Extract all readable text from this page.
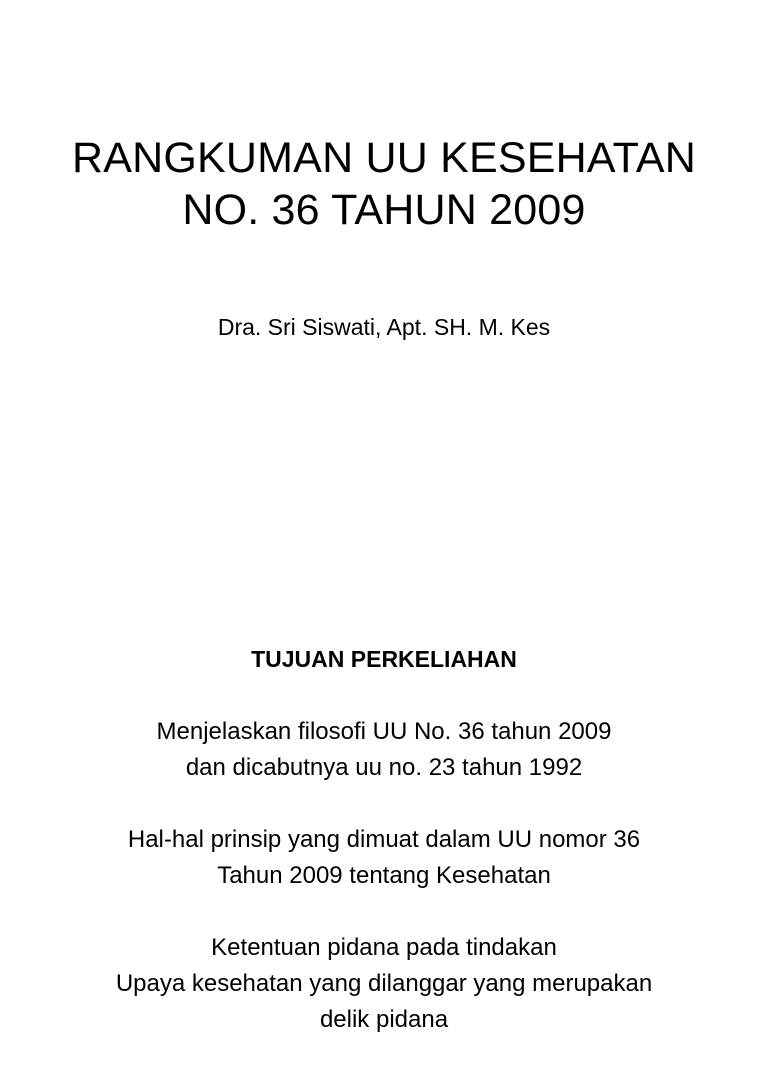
RANGKUMAN UU KESEHATAN
NO. 36 TAHUN 2009
Dra. Sri Siswati, Apt. SH. M. Kes
TUJUAN PERKELIAHAN
Menjelaskan filosofi UU No. 36 tahun 2009
dan dicabutnya uu no. 23 tahun 1992
Hal-hal prinsip yang dimuat dalam UU nomor 36
Tahun 2009 tentang Kesehatan
Ketentuan pidana pada tindakan
Upaya kesehatan yang dilanggar yang merupakan
delik pidana
